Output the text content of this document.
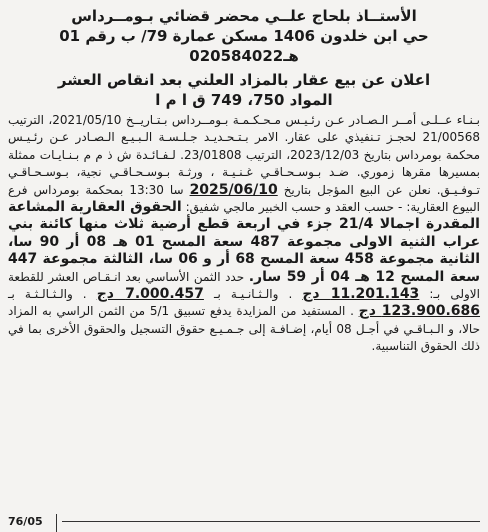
الأستــاذ بلحاج علــي محضر قضائي بـومــرداس

حي ابن خلدون 1406 مسكن عمارة 79/ ب رقم 01

هـ020584022

اعلان عن بيع عقار بالمزاد العلني بعد انقاص العشر

المواد 750، 749 ق ا م ا

بـنـاء عــلـى أمــر الـصـادر عـن رئـيـس مـحـكـمـة بـومــرداس بـتـاريــخ 2021/05/10، الترتيب 21/00568 لحجـز تـنفيذي على عقار. الامر بـتـحـديـد جـلـسـة الـبـيـع الـصـادر عـن رئـيـس محكمة بومرداس بتاريخ 2023/12/03، الترتيب 23/01808. لـفـائـدة ش ذ م م بـنـايـات ممثلة بمسيرها مقرها زموري. ضـد بـوسـحـاقـي غـنـيـة ، ورثـة بـوسـحـاقـي نجية، بـوسـحـاقـي تـوفـيـق. نعلن عن البيع المؤجل بتاريخ 2025/06/10 سا 13:30 بمحكمة بومرداس فرع البيوع العقارية: - حسب العقد و حسب الخبير مالجي شفيق: الحقوق العقارية المشاعة المقدرة اجمالا 21/4 جزء في اربعة قطع أرضية ثلاث منها كائنة بني عراب الثنية الاولى مجموعة 487 سعة المسح 01 هـ 08 أر 90 سا، الثانية مجموعة 458 سعة المسح 68 أر و 06 سا، الثالثة مجموعة 447 سعة المسح 12 هـ 04 أر 59 سار. حدد الثمن الأساسي بعد انـقـاص العشر للقطعة الاولى بـ: 11.201.143 دج . والـثـانـيـة بـ 7.000.457 دج . والـثـالـثـة بـ 123.900.686 دج . المستفيد من المزايدة يدفع تسبيق 5/1 من الثمن الراسي به المزاد حالا، و الـبـاقـي في أجـل 08 أيام، إضـافـة إلى جـمـيـع حقوق التسجيل والحقوق الأخرى بما في ذلك الحقوق التناسبية.
76/05
